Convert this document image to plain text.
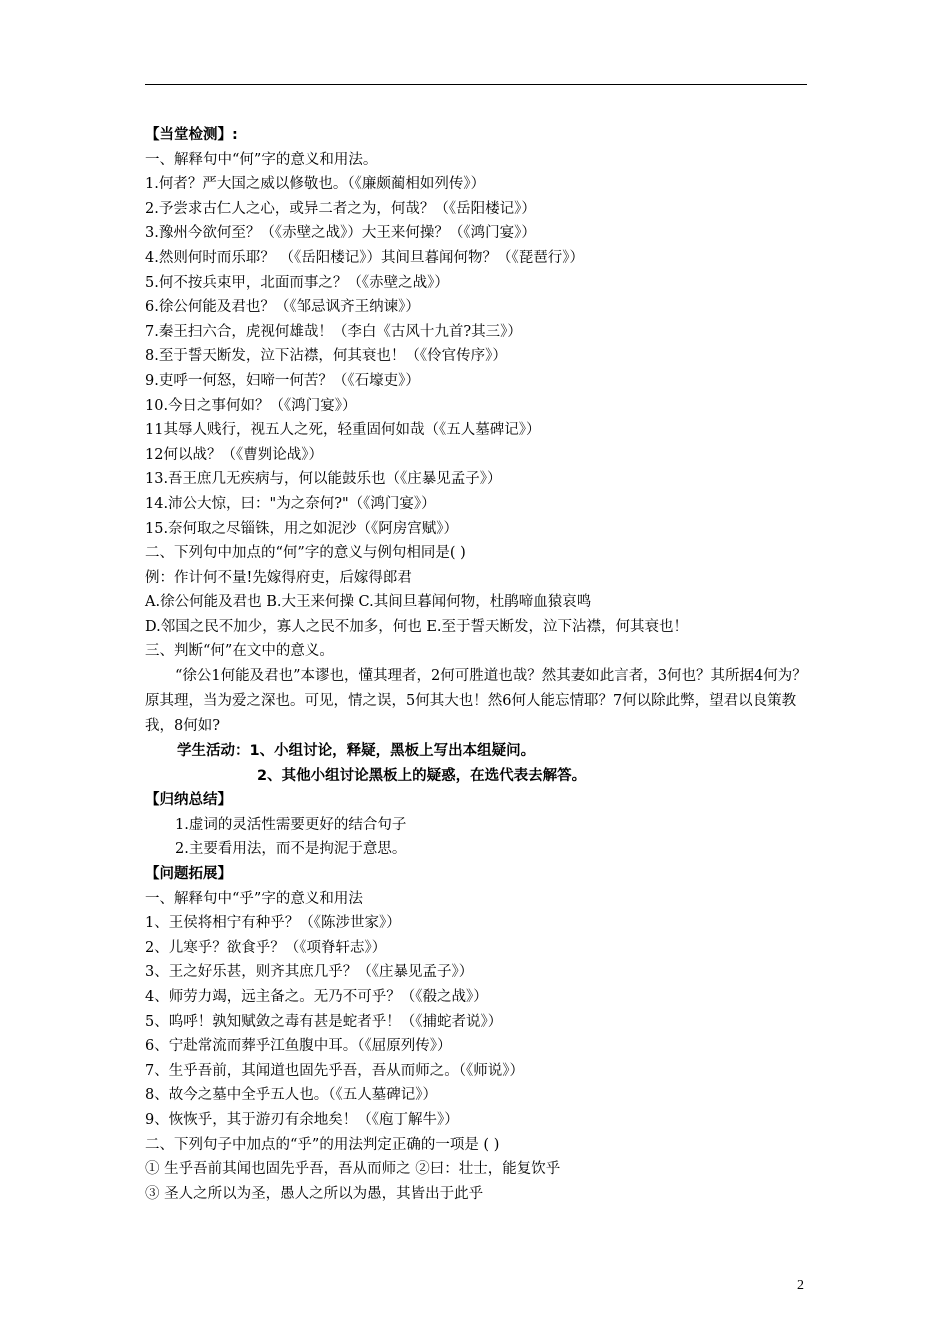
【当堂检测】:
一、解释句中“何”字的意义和用法。
1.何者？严大国之威以修敬也。（《廉颇蔺相如列传》）
2.予尝求古仁人之心，或异二者之为，何哉？（《岳阳楼记》）
3.豫州今欲何至？（《赤壁之战》）大王来何操？（《鸿门宴》）
4.然则何时而乐耶？ （《岳阳楼记》）其间旦暮闻何物？（《琵琶行》）
5.何不按兵束甲，北面而事之？（《赤壁之战》）
6.徐公何能及君也？（《邹忌讽齐王纳谏》）
7.秦王扫六合，虎视何雄哉！（李白《古风十九首?其三》）
8.至于誓天断发，泣下沾襟，何其衰也！（《伶官传序》）
9.吏呼一何怒，妇啼一何苦？（《石壕吏》）
10.今日之事何如？（《鸿门宴》）
11其辱人贱行，视五人之死，轻重固何如哉（《五人墓碑记》）
12何以战？（《曹刿论战》）
13.吾王庶几无疾病与，何以能鼓乐也（《庄暴见孟子》）
14.沛公大惊，曰："为之奈何?"（《鸿门宴》）
15.奈何取之尽锱铢，用之如泥沙（《阿房宫赋》）
二、下列句中加点的“何”字的意义与例句相同是( )
例：作计何不量!先嫁得府吏，后嫁得郎君
A.徐公何能及君也 B.大王来何操 C.其间旦暮闻何物，杜鹃啼血猿哀鸣
D.邻国之民不加少，寡人之民不加多，何也 E.至于誓天断发，泣下沾襟，何其衰也！
三、判断“何”在文中的意义。
“徐公1何能及君也”本谬也，懂其理者，2何可胜道也哉？然其妻如此言者，3何也？其所据4何为？原其理，当为爱之深也。可见，情之误，5何其大也！然6何人能忘情耶？7何以除此弊，望君以良策教我，8何如?
学生活动：1、小组讨论，释疑，黑板上写出本组疑问。
2、其他小组讨论黑板上的疑惑，在选代表去解答。
【归纳总结】
1.虚词的灵活性需要更好的结合句子
2.主要看用法，而不是拘泥于意思。
【问题拓展】
一、解释句中“乎”字的意义和用法
1、王侯将相宁有种乎？（《陈涉世家》）
2、儿寒乎？欲食乎？（《项脊轩志》）
3、王之好乐甚，则齐其庶几乎？（《庄暴见孟子》）
4、师劳力竭，远主备之。无乃不可乎？（《殽之战》）
5、呜呼！孰知赋敛之毒有甚是蛇者乎！（《捕蛇者说》）
6、宁赴常流而葬乎江鱼腹中耳。（《屈原列传》）
7、生乎吾前，其闻道也固先乎吾，吾从而师之。（《师说》）
8、故今之墓中全乎五人也。（《五人墓碑记》）
9、恢恢乎，其于游刃有余地矣！（《庖丁解牛》）
二、下列句子中加点的“乎”的用法判定正确的一项是 ( )
① 生乎吾前其闻也固先乎吾，吾从而师之 ②曰：壮士，能复饮乎
③ 圣人之所以为圣，愚人之所以为愚，其皆出于此乎
2
